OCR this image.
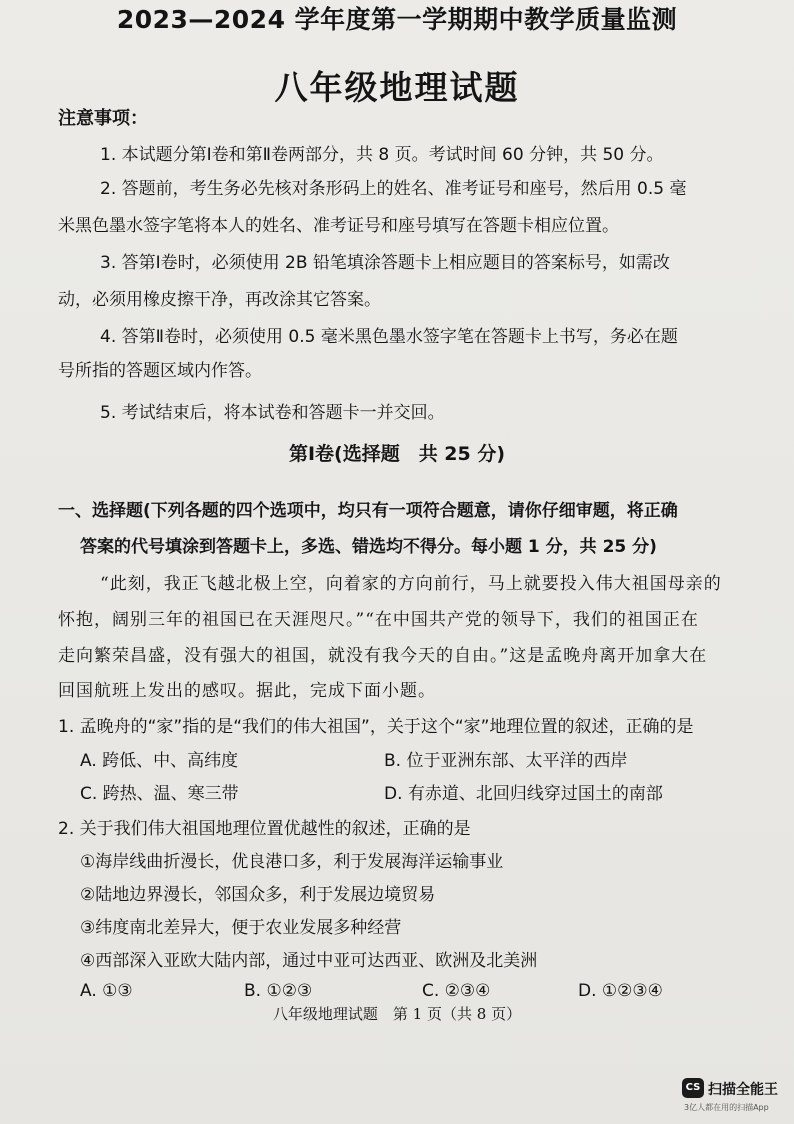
2023—2024 学年度第一学期期中教学质量监测
八年级地理试题
注意事项：
1. 本试题分第Ⅰ卷和第Ⅱ卷两部分，共 8 页。考试时间 60 分钟，共 50 分。
2. 答题前，考生务必先核对条形码上的姓名、准考证号和座号，然后用 0.5 毫
米黑色墨水签字笔将本人的姓名、准考证号和座号填写在答题卡相应位置。
3. 答第Ⅰ卷时，必须使用 2B 铅笔填涂答题卡上相应题目的答案标号，如需改
动，必须用橡皮擦干净，再改涂其它答案。
4. 答第Ⅱ卷时，必须使用 0.5 毫米黑色墨水签字笔在答题卡上书写，务必在题
号所指的答题区域内作答。
5. 考试结束后，将本试卷和答题卡一并交回。
第Ⅰ卷(选择题　共 25 分)
一、选择题(下列各题的四个选项中，均只有一项符合题意，请你仔细审题，将正确
答案的代号填涂到答题卡上，多选、错选均不得分。每小题 1 分，共 25 分)
“此刻，我正飞越北极上空，向着家的方向前行，马上就要投入伟大祖国母亲的
怀抱，阔别三年的祖国已在天涯咫尺。”“在中国共产党的领导下，我们的祖国正在
走向繁荣昌盛，没有强大的祖国，就没有我今天的自由。”这是孟晚舟离开加拿大在
回国航班上发出的感叹。据此，完成下面小题。
1. 孟晚舟的“家”指的是“我们的伟大祖国”，关于这个“家”地理位置的叙述，正确的是
A. 跨低、中、高纬度	B. 位于亚洲东部、太平洋的西岸
C. 跨热、温、寒三带	D. 有赤道、北回归线穿过国土的南部
2. 关于我们伟大祖国地理位置优越性的叙述，正确的是
①海岸线曲折漫长，优良港口多，利于发展海洋运输事业
②陆地边界漫长，邻国众多，利于发展边境贸易
③纬度南北差异大，便于农业发展多种经营
④西部深入亚欧大陆内部，通过中亚可达西亚、欧洲及北美洲
A. ①③	B. ①②③	C. ②③④	D. ①②③④
八年级地理试题　第 1 页（共 8 页）
CS 扫描全能王
3亿人都在用的扫描App
